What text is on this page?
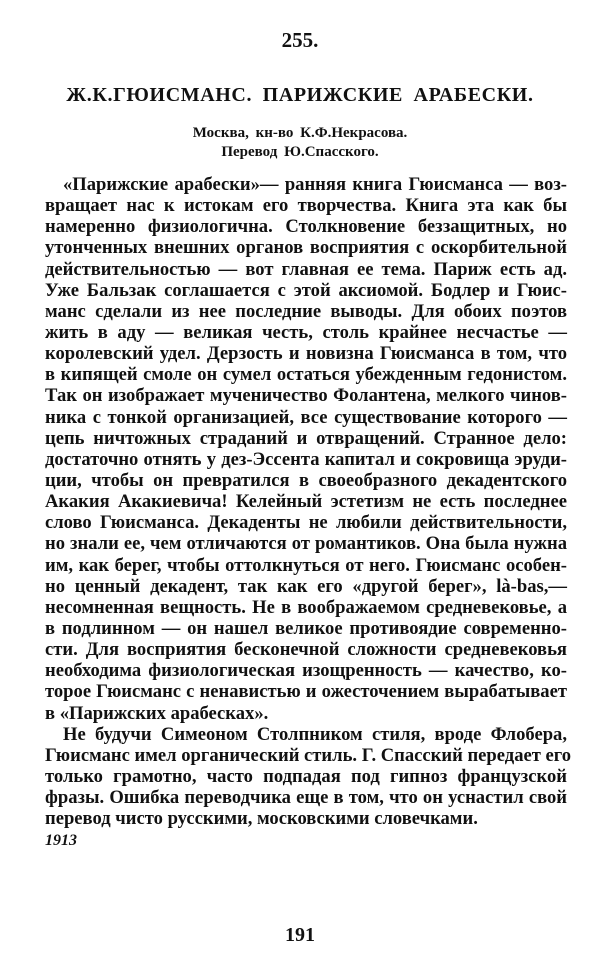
255.
Ж.К.ГЮИСМАНС. ПАРИЖСКИЕ АРАБЕСКИ.
Москва, кн-во К.Ф.Некрасова.
Перевод Ю.Спасского.
«Парижские арабески»— ранняя книга Гюисманса — воз-
вращает нас к истокам его творчества. Книга эта как бы
намеренно физиологична. Столкновение беззащитных, но
утонченных внешних органов восприятия с оскорбительной
действительностью — вот главная ее тема. Париж есть ад.
Уже Бальзак соглашается с этой аксиомой. Бодлер и Гюис-
манс сделали из нее последние выводы. Для обоих поэтов
жить в аду — великая честь, столь крайнее несчастье —
королевский удел. Дерзость и новизна Гюисманса в том, что
в кипящей смоле он сумел остаться убежденным гедонистом.
Так он изображает мученичество Фолантена, мелкого чинов-
ника с тонкой организацией, все существование которого —
цепь ничтожных страданий и отвращений. Странное дело:
достаточно отнять у дез-Эссента капитал и сокровища эруди-
ции, чтобы он превратился в своеобразного декадентского
Акакия Акакиевича! Келейный эстетизм не есть последнее
слово Гюисманса. Декаденты не любили действительности,
но знали ее, чем отличаются от романтиков. Она была нужна
им, как берег, чтобы оттолкнуться от него. Гюисманс особен-
но ценный декадент, так как его «другой берег», là-bas,—
несомненная вещность. Не в воображаемом средневековье, а
в подлинном — он нашел великое противоядие современно-
сти. Для восприятия бесконечной сложности средневековья
необходима физиологическая изощренность — качество, ко-
торое Гюисманс с ненавистью и ожесточением вырабатывает
в «Парижских арабесках».
Не будучи Симеоном Столпником стиля, вроде Флобера,
Гюисманс имел органический стиль. Г. Спасский передает его
только грамотно, часто подпадая под гипноз французской
фразы. Ошибка переводчика еще в том, что он уснастил свой
перевод чисто русскими, московскими словечками.
1913
191
